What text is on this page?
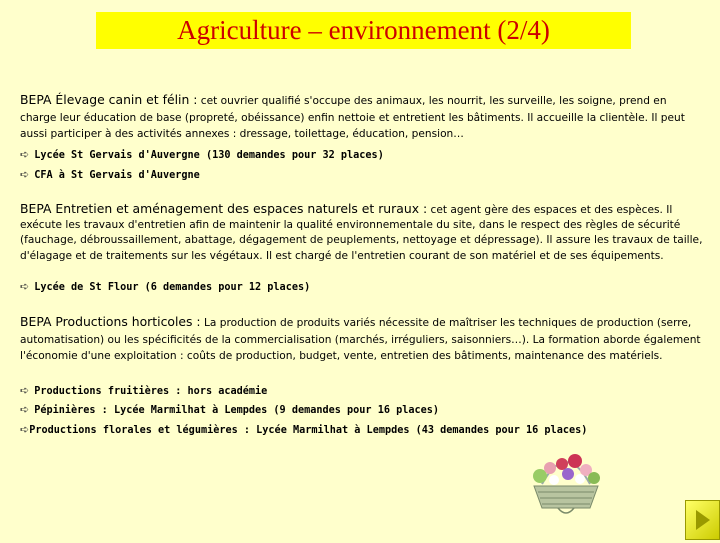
Agriculture – environnement (2/4)
BEPA Élevage canin et félin : cet ouvrier qualifié s'occupe des animaux, les nourrit, les surveille, les soigne, prend en charge leur éducation de base (propreté, obéissance) enfin nettoie et entretient les bâtiments. Il accueille la clientèle. Il peut aussi participer à des activités annexes : dressage, toilettage, éducation, pension…
➪ Lycée St Gervais d'Auvergne (130 demandes pour 32 places)
➪ CFA à St Gervais d'Auvergne
BEPA Entretien et aménagement des espaces naturels et ruraux : cet agent gère des espaces et des espèces. Il exécute les travaux d'entretien afin de maintenir la qualité environnementale du site, dans le respect des règles de sécurité (fauchage, débroussaillement, abattage, dégagement de peuplements, nettoyage et dépressage). Il assure les travaux de taille, d'élagage et de traitements sur les végétaux. Il est chargé de l'entretien courant de son matériel et de ses équipements.
➪ Lycée de St Flour (6 demandes pour 12 places)
BEPA Productions horticoles : La production de produits variés nécessite de maîtriser les techniques de production (serre, automatisation) ou les spécificités de la commercialisation (marchés, irréguliers, saisonniers…). La formation aborde également l'économie d'une exploitation : coûts de production, budget, vente, entretien des bâtiments, maintenance des matériels.
➪ Productions fruitières : hors académie
➪ Pépinières : Lycée Marmilhat à Lempdes (9 demandes pour 16 places)
➪Productions florales et légumières : Lycée Marmilhat à Lempdes (43 demandes pour 16 places)
